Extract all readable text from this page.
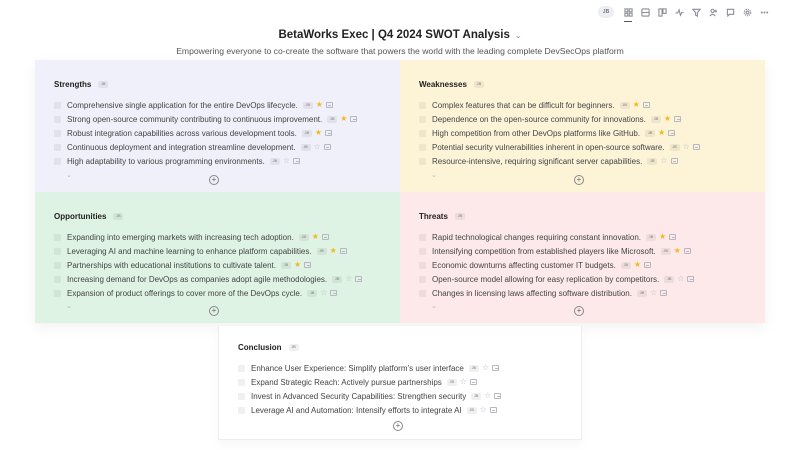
JB
BetaWorks Exec | Q4 2024 SWOT Analysis ⌄
Empowering everyone to co-create the software that powers the world with the leading complete DevSecOps platform
Strengths	JB
Comprehensive single application for the entire DevOps lifecycle.	JB ★
Strong open-source community contributing to continuous improvement.	JB ★
Robust integration capabilities across various development tools.	JB ★
Continuous deployment and integration streamline development.	JB ☆
High adaptability to various programming environments.	JB ☆
⌄	+
Weaknesses	JB
Complex features that can be difficult for beginners.	JB ★
Dependence on the open-source community for innovations.	JB ★
High competition from other DevOps platforms like GitHub.	JB ★
Potential security vulnerabilities inherent in open-source software.	JB ☆
Resource-intensive, requiring significant server capabilities.	JB ☆
⌄	+
Opportunities	JB
Expanding into emerging markets with increasing tech adoption.	JB ★
Leveraging AI and machine learning to enhance platform capabilities.	JB ★
Partnerships with educational institutions to cultivate talent.	JB ★
Increasing demand for DevOps as companies adopt agile methodologies.	JB ☆
Expansion of product offerings to cover more of the DevOps cycle.	JB ☆
⌄	+
Threats	JB
Rapid technological changes requiring constant innovation.	JB ★
Intensifying competition from established players like Microsoft.	JB ★
Economic downturns affecting customer IT budgets.	JB ★
Open-source model allowing for easy replication by competitors.	JB ☆
Changes in licensing laws affecting software distribution.	JB ☆
⌄	+
Conclusion	JB
Enhance User Experience: Simplify platform’s user interface	JB ☆
Expand Strategic Reach: Actively pursue partnerships	JB ☆
Invest in Advanced Security Capabilities: Strengthen security	JB ☆
Leverage AI and Automation: Intensify efforts to integrate AI	JB ☆
+
